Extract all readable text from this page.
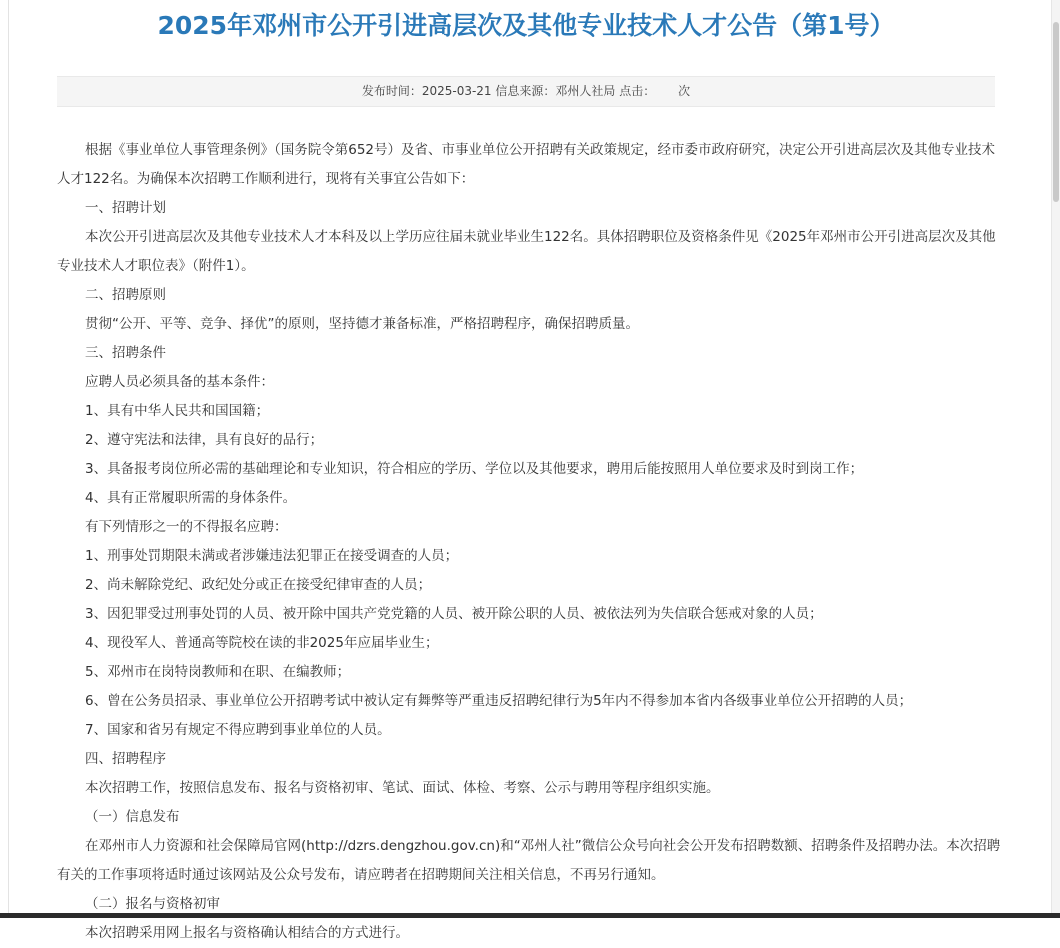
2025年邓州市公开引进高层次及其他专业技术人才公告（第1号）
发布时间：2025-03-21 信息来源：邓州人社局 点击： 次

根据《事业单位人事管理条例》（国务院令第652号）及省、市事业单位公开招聘有关政策规定，经市委市政府研究，决定公开引进高层次及其他专业技术人才122名。为确保本次招聘工作顺利进行，现将有关事宜公告如下：

一、招聘计划

本次公开引进高层次及其他专业技术人才本科及以上学历应往届未就业毕业生122名。具体招聘职位及资格条件见《2025年邓州市公开引进高层次及其他专业技术人才职位表》（附件1）。

二、招聘原则

贯彻“公开、平等、竞争、择优”的原则，坚持德才兼备标准，严格招聘程序，确保招聘质量。

三、招聘条件

应聘人员必须具备的基本条件：

1、具有中华人民共和国国籍；

2、遵守宪法和法律，具有良好的品行；

3、具备报考岗位所必需的基础理论和专业知识，符合相应的学历、学位以及其他要求，聘用后能按照用人单位要求及时到岗工作；

4、具有正常履职所需的身体条件。

有下列情形之一的不得报名应聘：

1、刑事处罚期限未满或者涉嫌违法犯罪正在接受调查的人员；

2、尚未解除党纪、政纪处分或正在接受纪律审查的人员；

3、因犯罪受过刑事处罚的人员、被开除中国共产党党籍的人员、被开除公职的人员、被依法列为失信联合惩戒对象的人员；

4、现役军人、普通高等院校在读的非2025年应届毕业生；

5、邓州市在岗特岗教师和在职、在编教师；

6、曾在公务员招录、事业单位公开招聘考试中被认定有舞弊等严重违反招聘纪律行为5年内不得参加本省内各级事业单位公开招聘的人员；

7、国家和省另有规定不得应聘到事业单位的人员。

四、招聘程序

本次招聘工作，按照信息发布、报名与资格初审、笔试、面试、体检、考察、公示与聘用等程序组织实施。

（一）信息发布

在邓州市人力资源和社会保障局官网(http://dzrs.dengzhou.gov.cn)和“邓州人社”微信公众号向社会公开发布招聘数额、招聘条件及招聘办法。本次招聘有关的工作事项将适时通过该网站及公众号发布，请应聘者在招聘期间关注相关信息，不再另行通知。

（二）报名与资格初审

本次招聘采用网上报名与资格确认相结合的方式进行。
